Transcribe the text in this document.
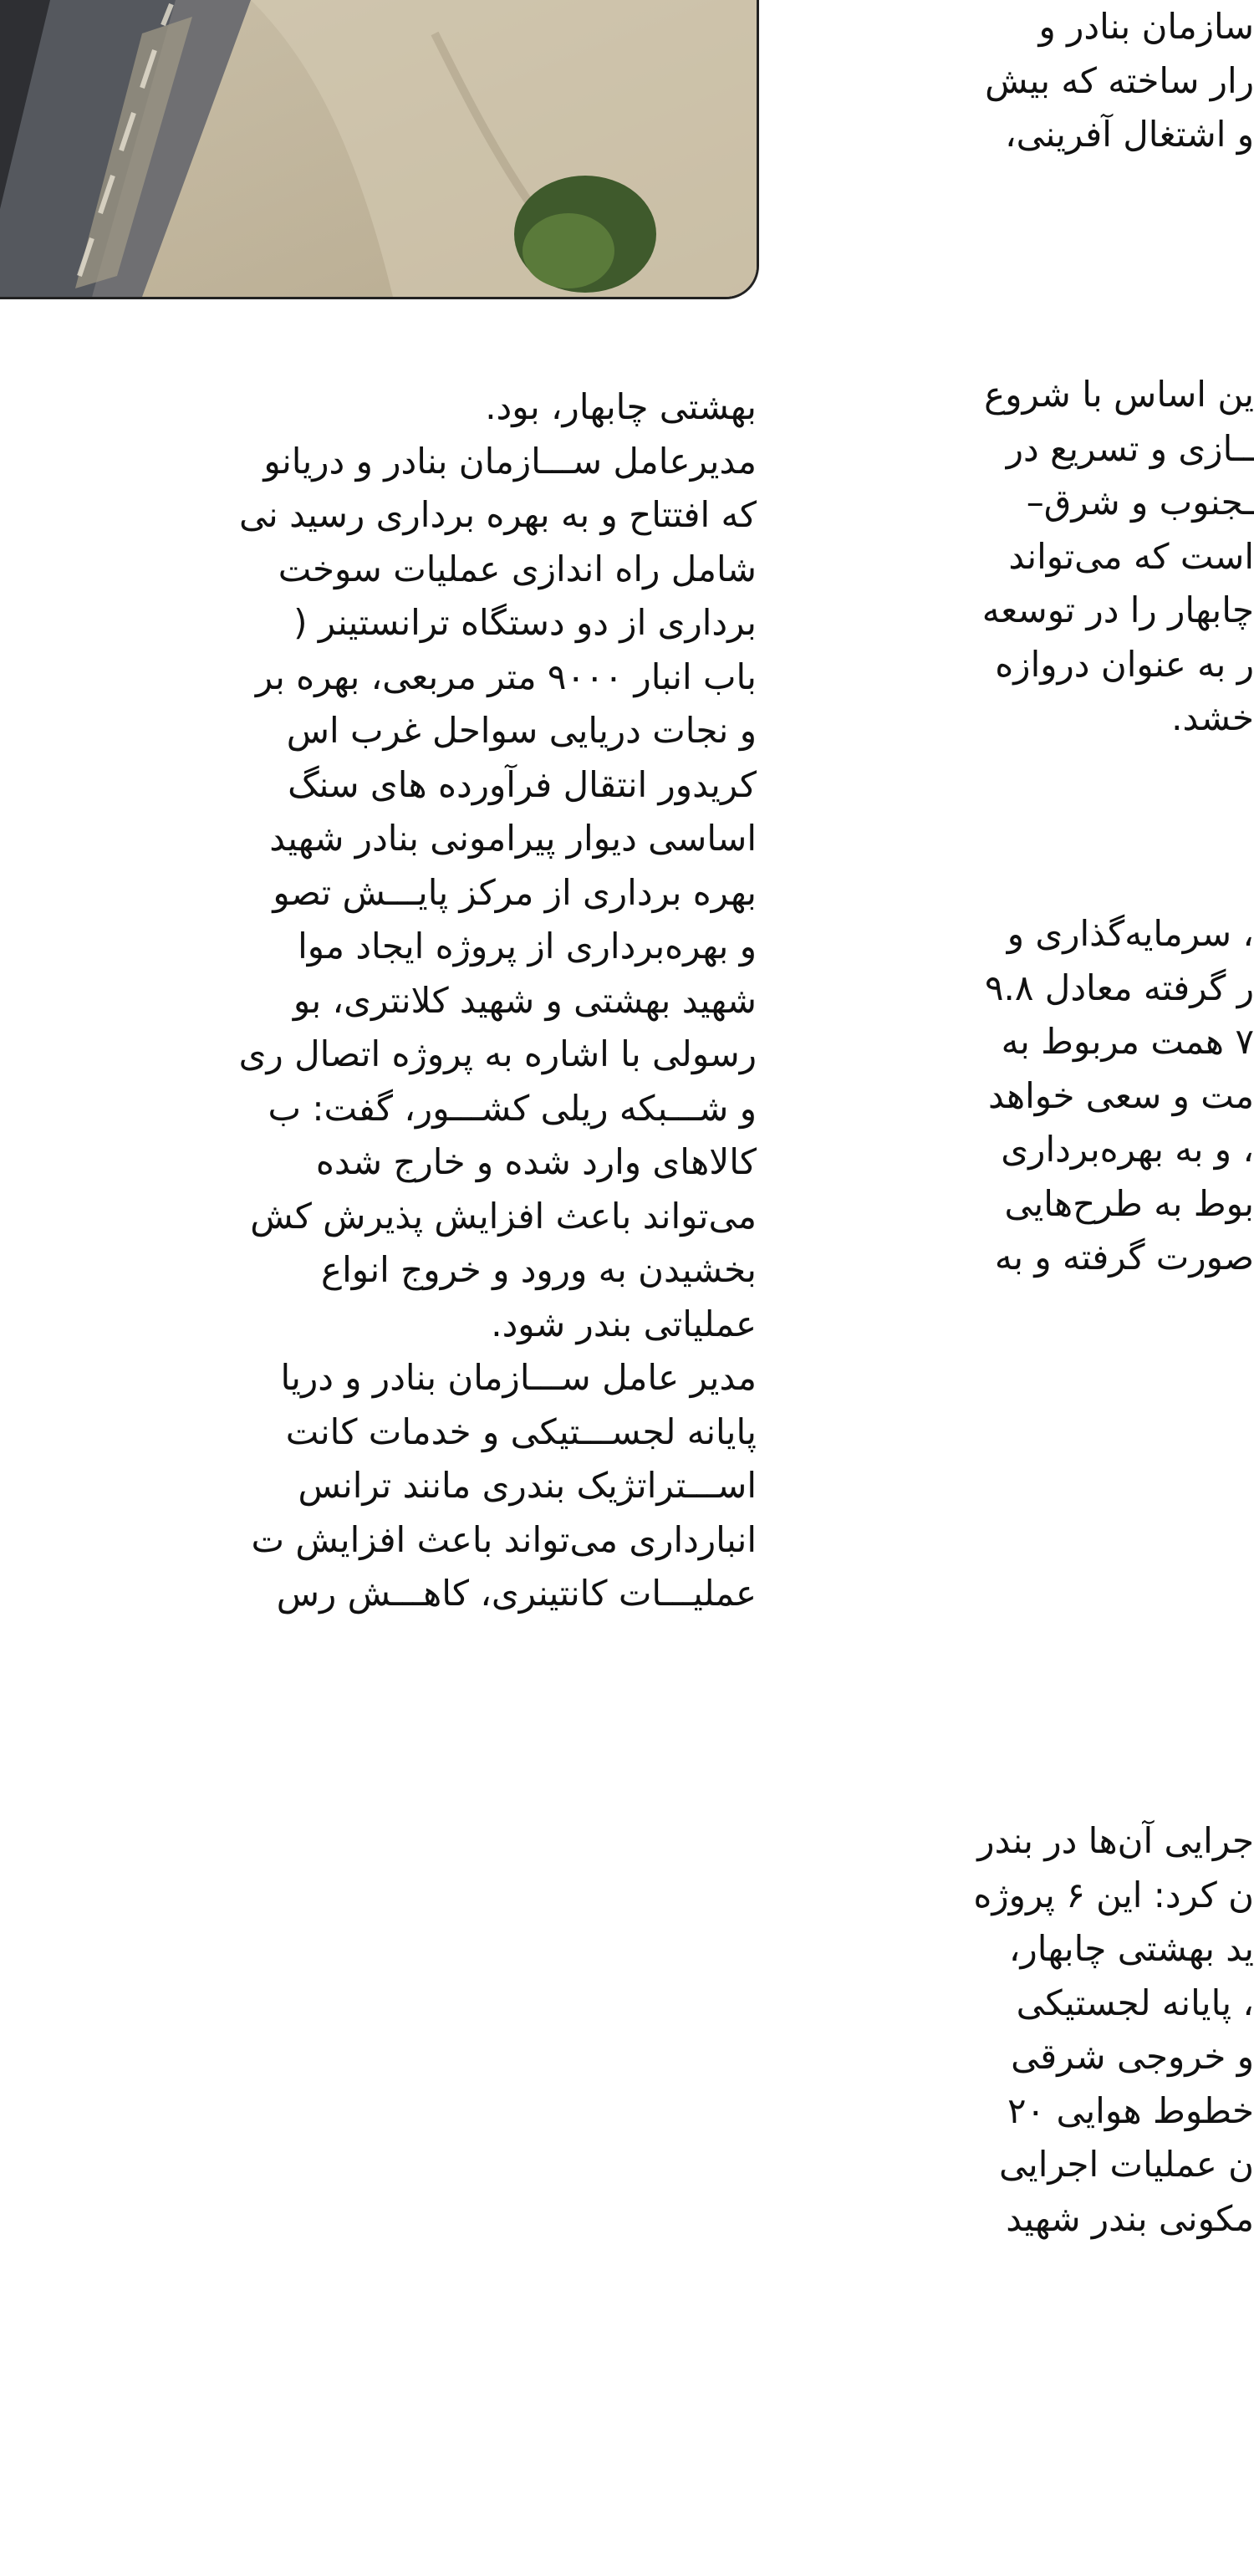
بهشتی چابهار، بود.
مدیرعامل ســـازمان بنادر و دریانو
که افتتاح و به بهره برداری رسید نی
شامل راه اندازی عملیات سوخت
برداری از دو دستگاه ترانستینر (
باب انبار ۹۰۰۰ متر مربعی، بهره بر
و نجات دریایی سواحل غرب اس
کریدور انتقال فرآورده های سنگ
اساسی دیوار پیرامونی بنادر شهید
بهره برداری از مرکز پایـــش تصو
و بهره‌برداری از پروژه ایجاد موا
شهید بهشتی و شهید کلانتری، بو
رسولی با اشاره به پروژه اتصال ری
و شـــبکه ریلی کشـــور، گفت: ب
کالاهای وارد شده و خارج شده
می‌تواند باعث افزایش پذیرش کش
بخشیدن به ورود و خروج انواع
عملیاتی بندر شود.
مدیر عامل ســـازمان بنادر و دریا
پایانه لجســـتیکی و خدمات کانت
اســـتراتژیک بندری مانند ترانس
انبارداری می‌تواند باعث افزایش ت
عملیـــات کانتینری، کاهـــش رس
سازمان بنادر و
رار ساخته که بیش
و اشتغال آفرینی،
ین اساس با شروع
ــازی و تسریع در
ـجنوب و شرق–
است که می‌تواند
چابهار را در توسعه
ر به عنوان دروازه
خشد.
، سرمایه‌گذاری و
ر گرفته معادل ۹.۸
۷ همت مربوط به
مت و سعی خواهد
، و به بهره‌برداری
بوط به طرح‌هایی
صورت گرفته و به
جرایی آن‌ها در بندر
ن کرد: این ۶ پروژه
ید بهشتی چابهار،
، پایانه لجستیکی
و خروجی شرقی
خطوط هوایی ۲۰
ن عملیات اجرایی
مکونی بندر شهید
